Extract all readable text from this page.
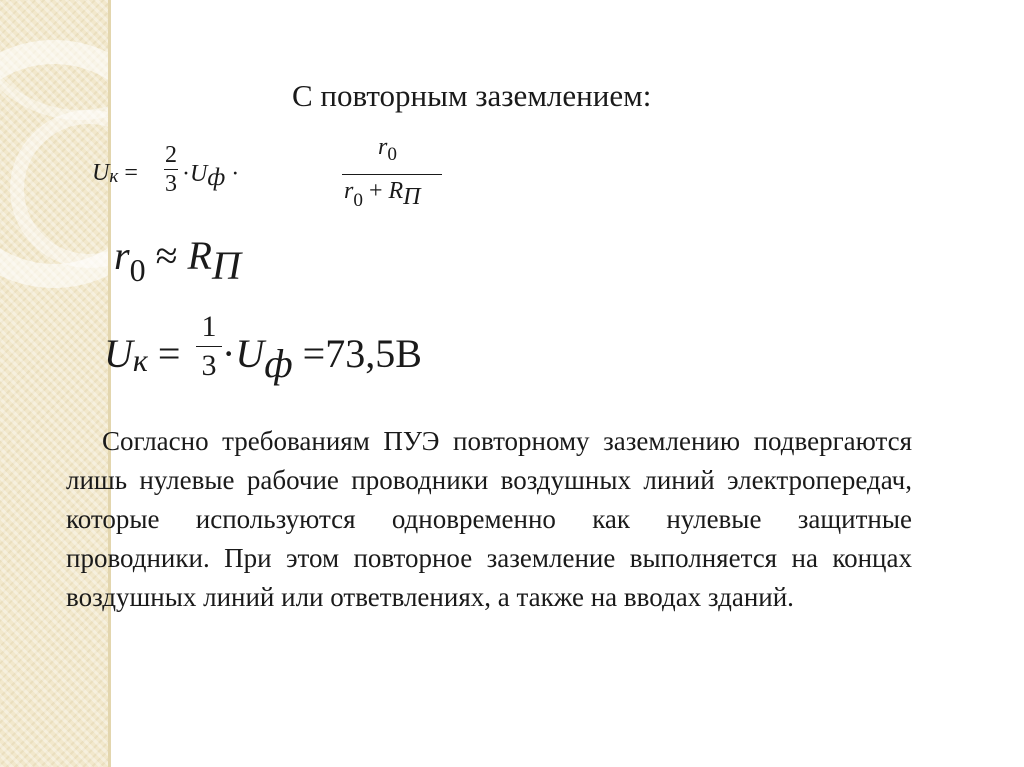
С повторным заземлением:
Uк =
2
3 ·Uф ·
$r_0$
$r_0$ + RП
$r_0$ ≈ RП
Uк =
1
3 ·Uф =73,5В

Согласно требованиям ПУЭ повторному заземлению подвергаются лишь нулевые рабочие проводники воздушных линий электропередач, которые используются одновременно как нулевые защитные проводники. При этом повторное заземление выполняется на концах воздушных линий или ответвлениях, а также на вводах зданий.
